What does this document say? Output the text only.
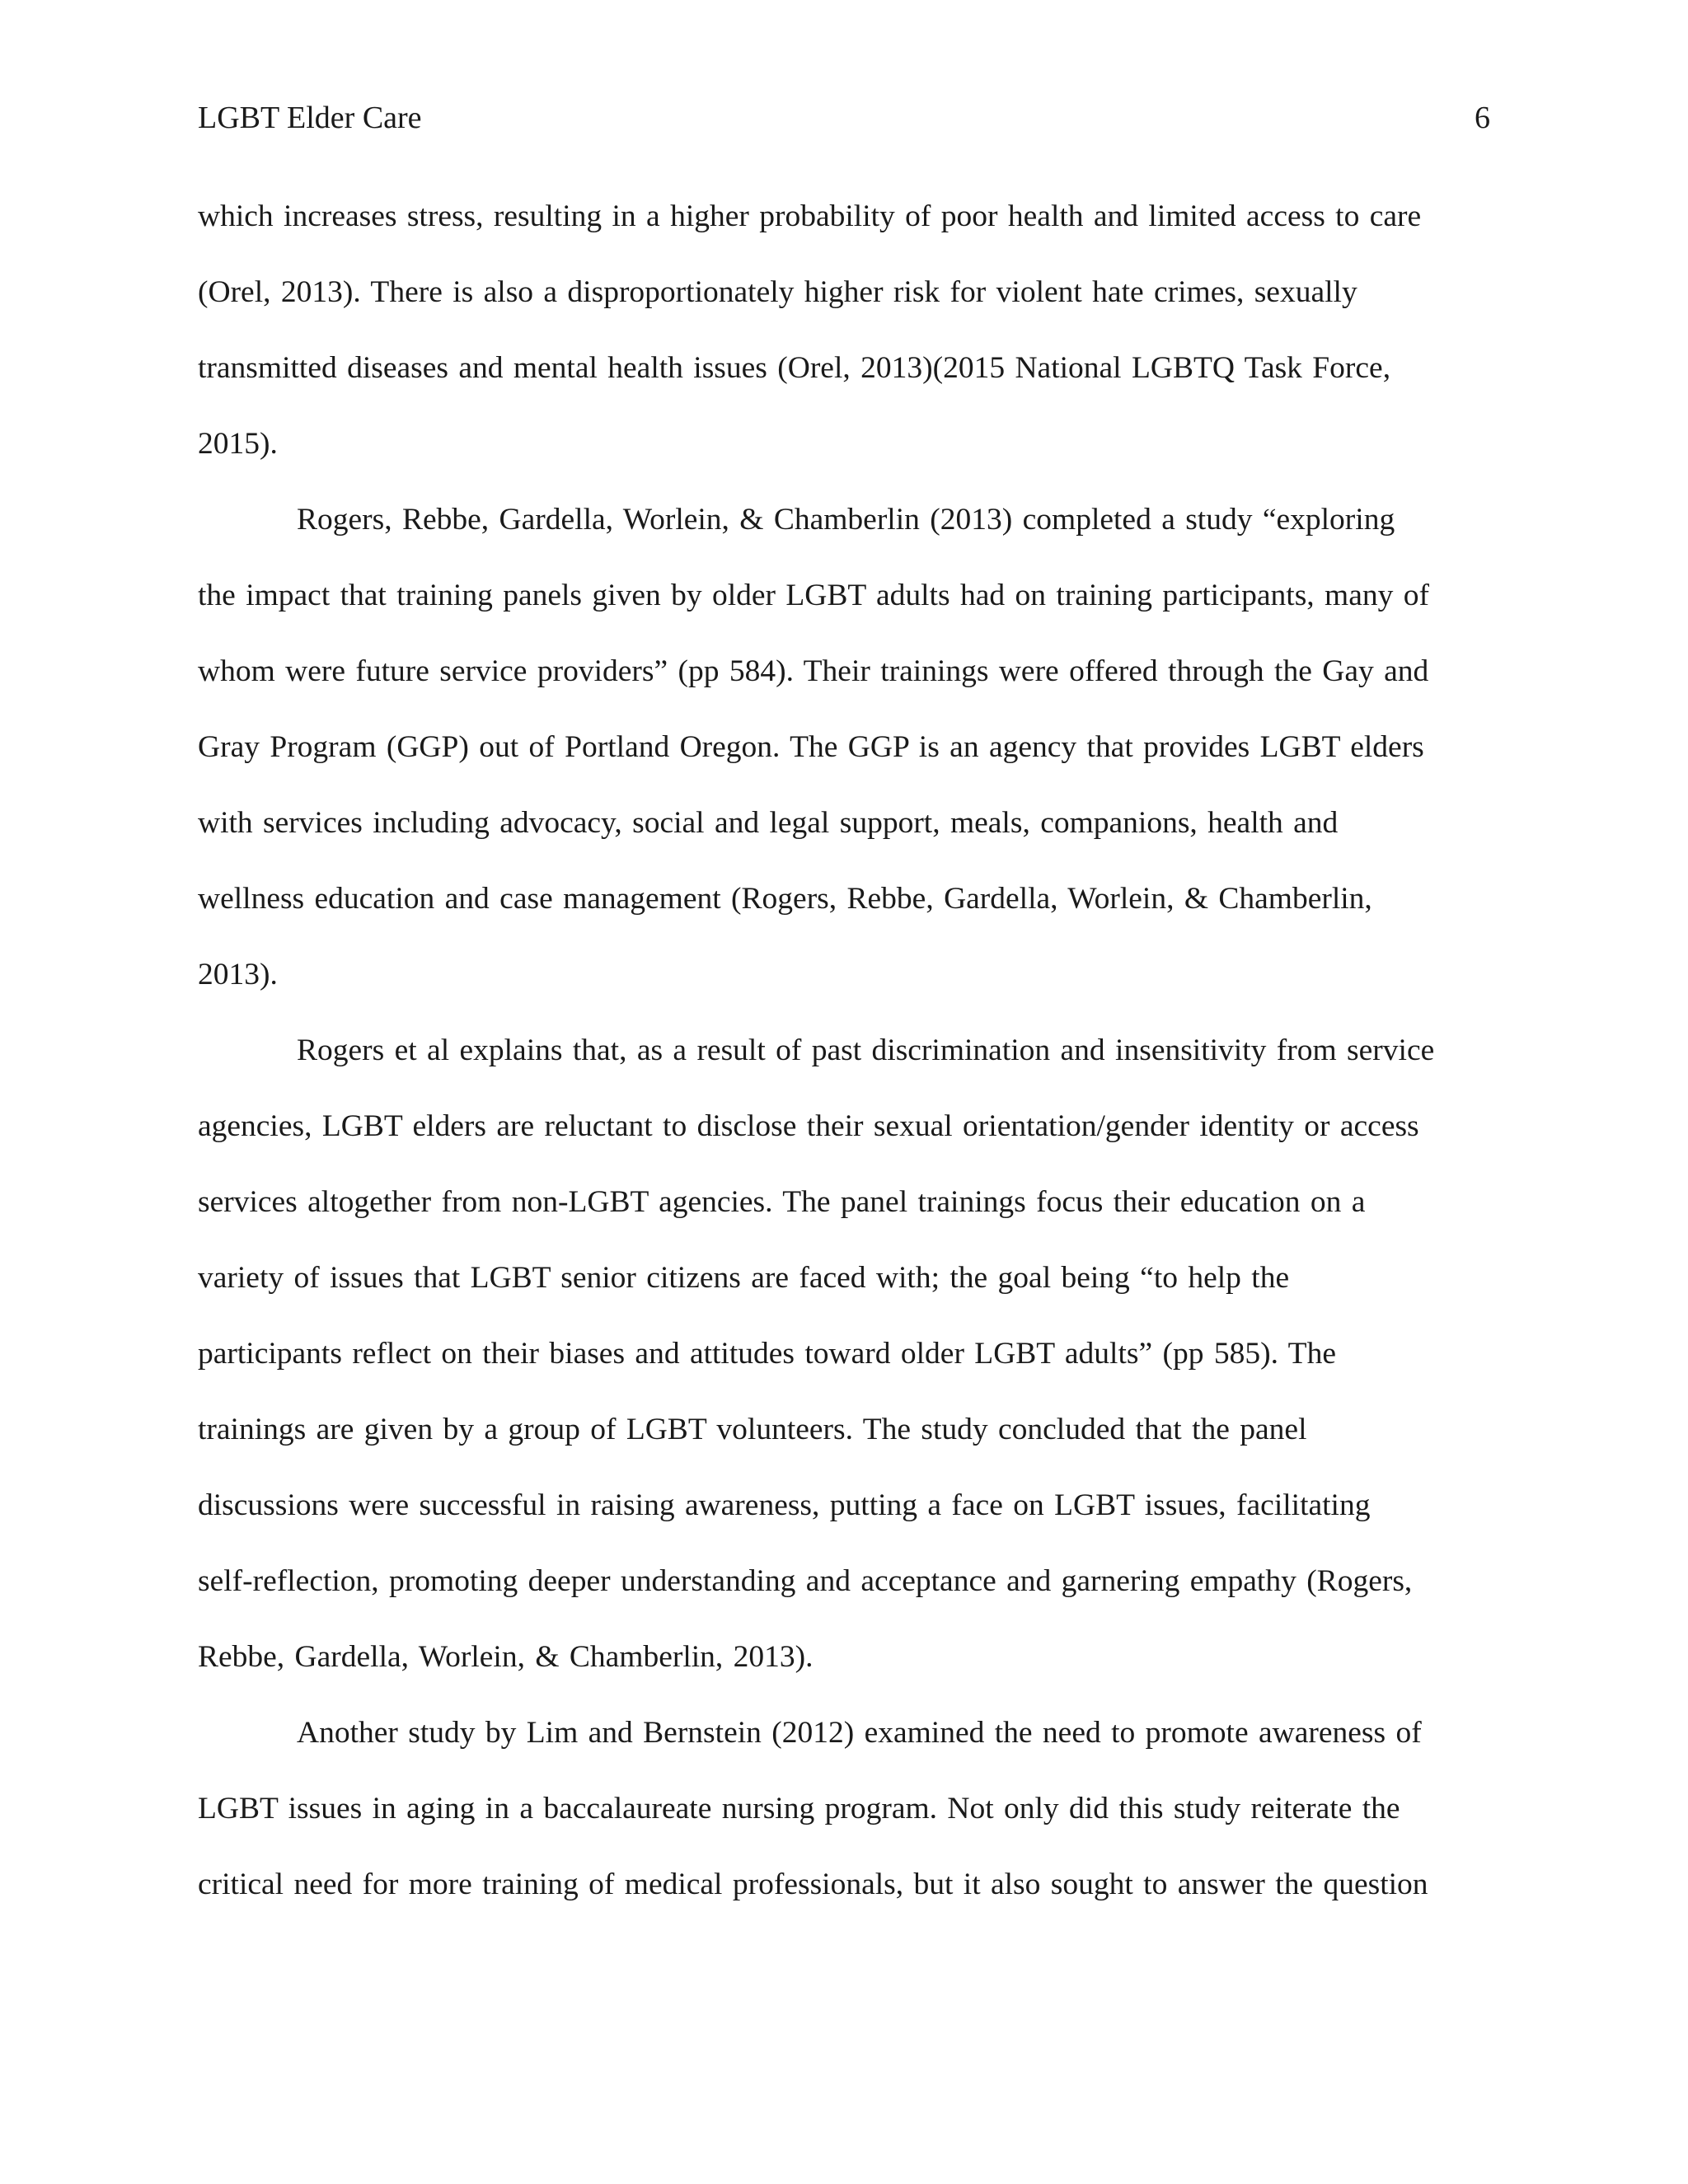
LGBT Elder Care	6
which increases stress, resulting in a higher probability of poor health and limited access to care
(Orel, 2013). There is also a disproportionately higher risk for violent hate crimes, sexually
transmitted diseases and mental health issues (Orel, 2013)(2015 National LGBTQ Task Force,
2015).
Rogers, Rebbe, Gardella, Worlein, & Chamberlin (2013) completed a study “exploring
the impact that training panels given by older LGBT adults had on training participants, many of
whom were future service providers” (pp 584). Their trainings were offered through the Gay and
Gray Program (GGP) out of Portland Oregon. The GGP is an agency that provides LGBT elders
with services including advocacy, social and legal support, meals, companions, health and
wellness education and case management (Rogers, Rebbe, Gardella, Worlein, & Chamberlin,
2013).
Rogers et al explains that, as a result of past discrimination and insensitivity from service
agencies, LGBT elders are reluctant to disclose their sexual orientation/gender identity or access
services altogether from non-LGBT agencies. The panel trainings focus their education on a
variety of issues that LGBT senior citizens are faced with; the goal being “to help the
participants reflect on their biases and attitudes toward older LGBT adults” (pp 585). The
trainings are given by a group of LGBT volunteers. The study concluded that the panel
discussions were successful in raising awareness, putting a face on LGBT issues, facilitating
self-reflection, promoting deeper understanding and acceptance and garnering empathy (Rogers,
Rebbe, Gardella, Worlein, & Chamberlin, 2013).
Another study by Lim and Bernstein (2012) examined the need to promote awareness of
LGBT issues in aging in a baccalaureate nursing program. Not only did this study reiterate the
critical need for more training of medical professionals, but it also sought to answer the question
